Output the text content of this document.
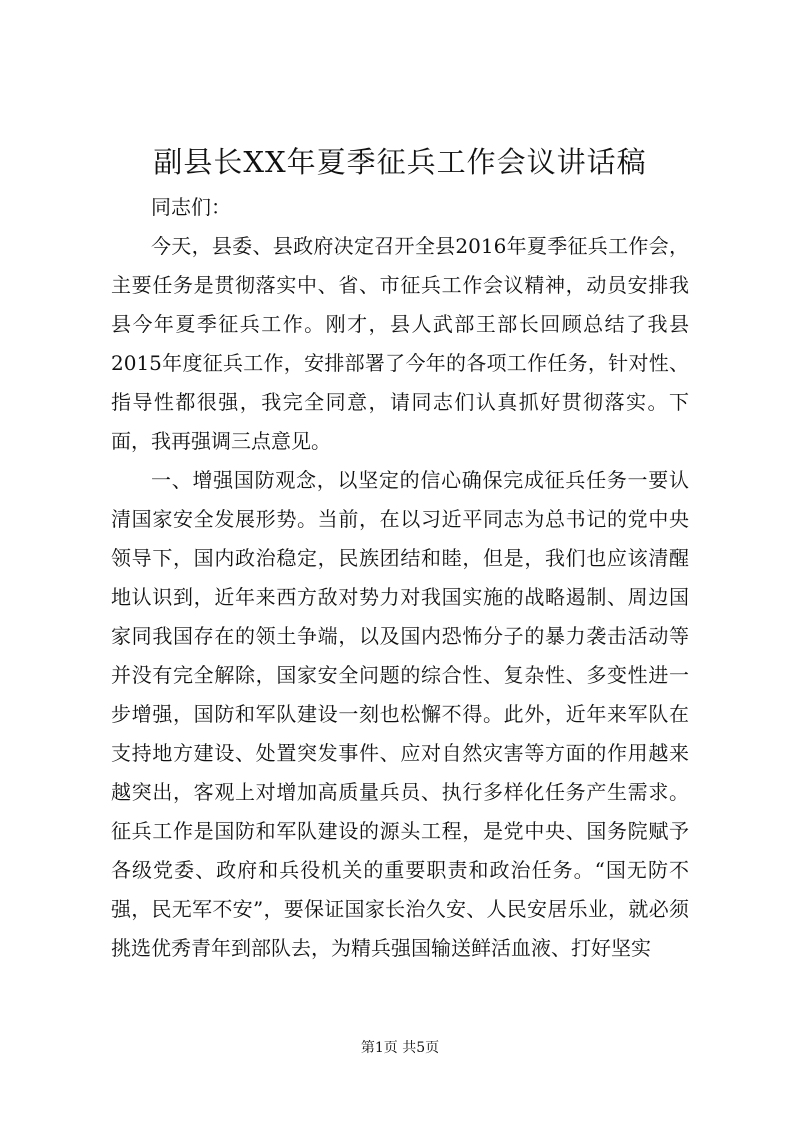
副县长XX年夏季征兵工作会议讲话稿

同志们：

今天，县委、县政府决定召开全县2016年夏季征兵工作会，主要任务是贯彻落实中、省、市征兵工作会议精神，动员安排我县今年夏季征兵工作。刚才，县人武部王部长回顾总结了我县2015年度征兵工作，安排部署了今年的各项工作任务，针对性、指导性都很强，我完全同意，请同志们认真抓好贯彻落实。下面，我再强调三点意见。

一、增强国防观念，以坚定的信心确保完成征兵任务一要认清国家安全发展形势。当前，在以习近平同志为总书记的党中央领导下，国内政治稳定，民族团结和睦，但是，我们也应该清醒地认识到，近年来西方敌对势力对我国实施的战略遏制、周边国家同我国存在的领土争端，以及国内恐怖分子的暴力袭击活动等并没有完全解除，国家安全问题的综合性、复杂性、多变性进一步增强，国防和军队建设一刻也松懈不得。此外，近年来军队在支持地方建设、处置突发事件、应对自然灾害等方面的作用越来越突出，客观上对增加高质量兵员、执行多样化任务产生需求。征兵工作是国防和军队建设的源头工程，是党中央、国务院赋予各级党委、政府和兵役机关的重要职责和政治任务。“国无防不强，民无军不安”，要保证国家长治久安、人民安居乐业，就必须挑选优秀青年到部队去，为精兵强国输送鲜活血液、打好坚实

第1页 共5页
